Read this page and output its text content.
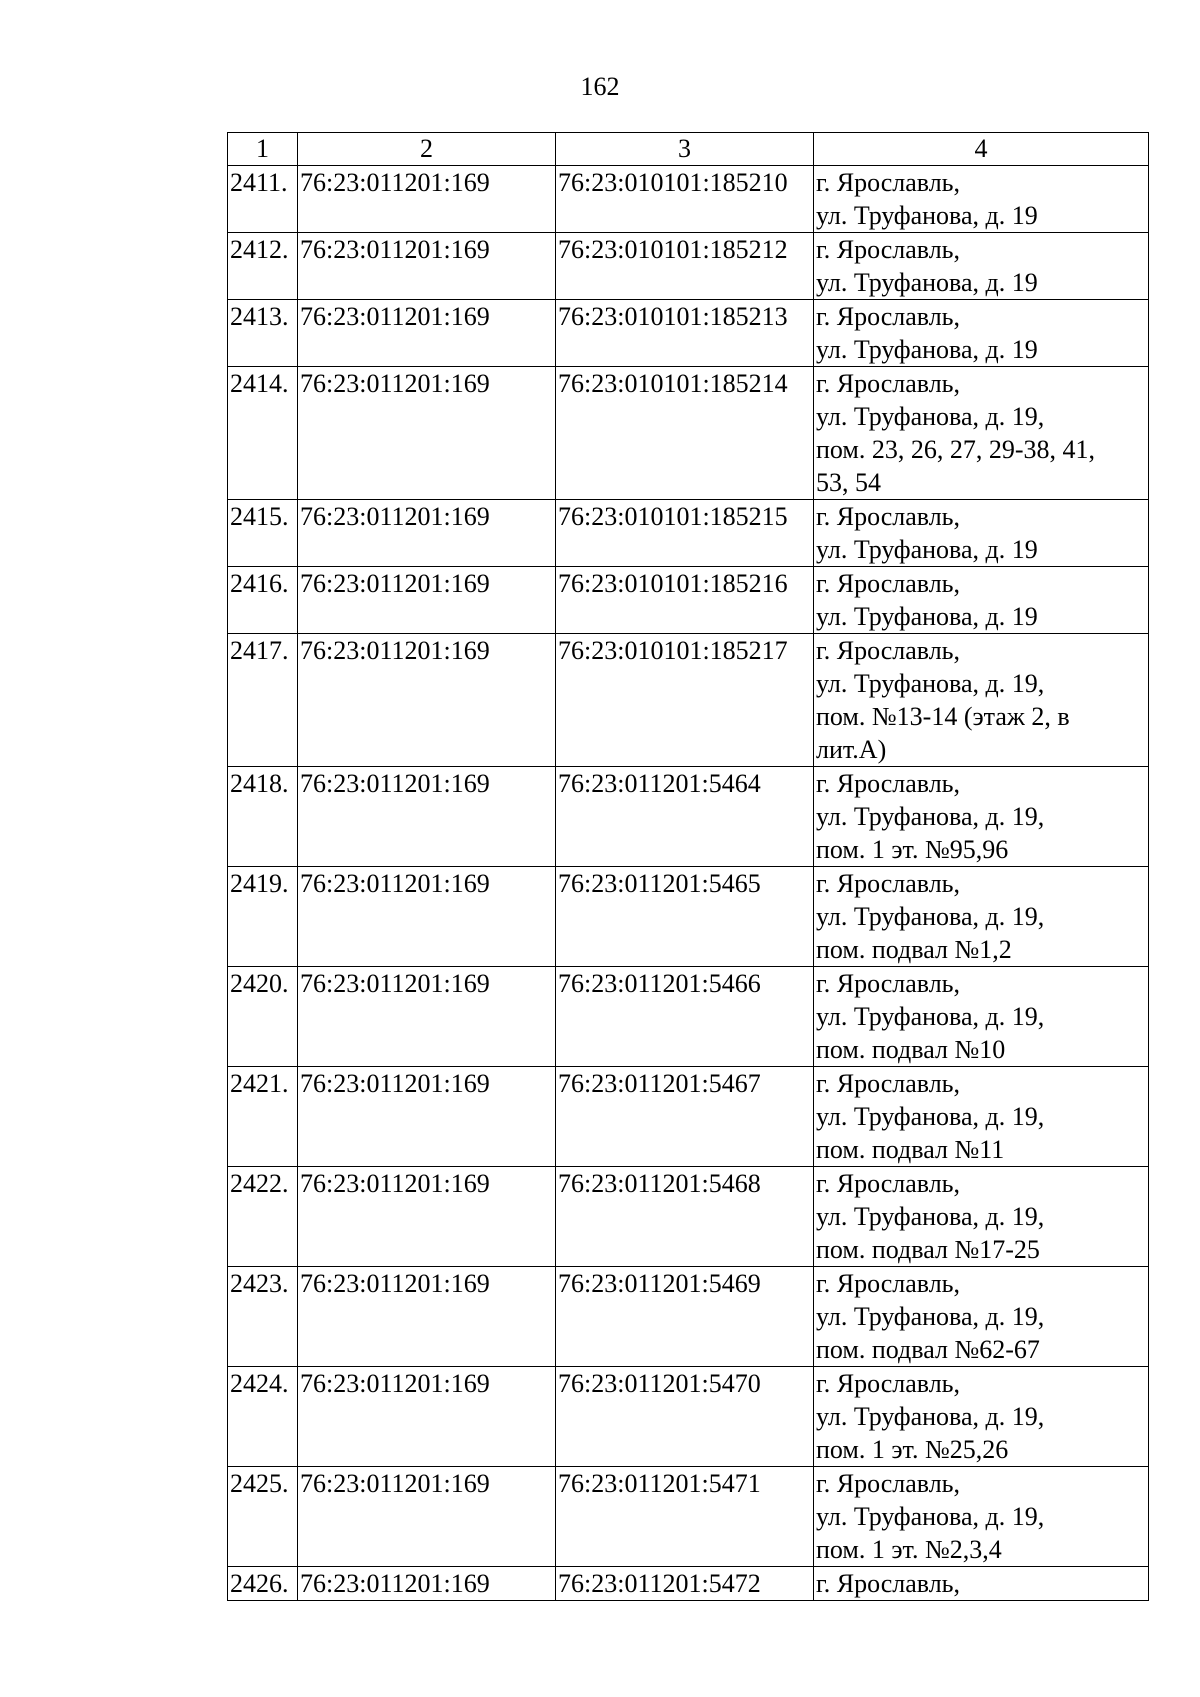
162
1	2	3	4
2411.	76:23:011201:169	76:23:010101:185210	г. Ярославль,
ул. Труфанова, д. 19

2412.	76:23:011201:169	76:23:010101:185212	г. Ярославль,
ул. Труфанова, д. 19

2413.	76:23:011201:169	76:23:010101:185213	г. Ярославль,
ул. Труфанова, д. 19

2414.	76:23:011201:169	76:23:010101:185214	г. Ярославль,
ул. Труфанова, д. 19,
пом. 23, 26, 27, 29-38, 41,
53, 54

2415.	76:23:011201:169	76:23:010101:185215	г. Ярославль,
ул. Труфанова, д. 19

2416.	76:23:011201:169	76:23:010101:185216	г. Ярославль,
ул. Труфанова, д. 19

2417.	76:23:011201:169	76:23:010101:185217	г. Ярославль,
ул. Труфанова, д. 19,
пом. №13-14 (этаж 2, в
лит.А)

2418.	76:23:011201:169	76:23:011201:5464	г. Ярославль,
ул. Труфанова, д. 19,
пом. 1 эт. №95,96

2419.	76:23:011201:169	76:23:011201:5465	г. Ярославль,
ул. Труфанова, д. 19,
пом. подвал №1,2

2420.	76:23:011201:169	76:23:011201:5466	г. Ярославль,
ул. Труфанова, д. 19,
пом. подвал №10

2421.	76:23:011201:169	76:23:011201:5467	г. Ярославль,
ул. Труфанова, д. 19,
пом. подвал №11

2422.	76:23:011201:169	76:23:011201:5468	г. Ярославль,
ул. Труфанова, д. 19,
пом. подвал №17-25

2423.	76:23:011201:169	76:23:011201:5469	г. Ярославль,
ул. Труфанова, д. 19,
пом. подвал №62-67

2424.	76:23:011201:169	76:23:011201:5470	г. Ярославль,
ул. Труфанова, д. 19,
пом. 1 эт. №25,26

2425.	76:23:011201:169	76:23:011201:5471	г. Ярославль,
ул. Труфанова, д. 19,
пом. 1 эт. №2,3,4

2426.	76:23:011201:169	76:23:011201:5472	г. Ярославль,
